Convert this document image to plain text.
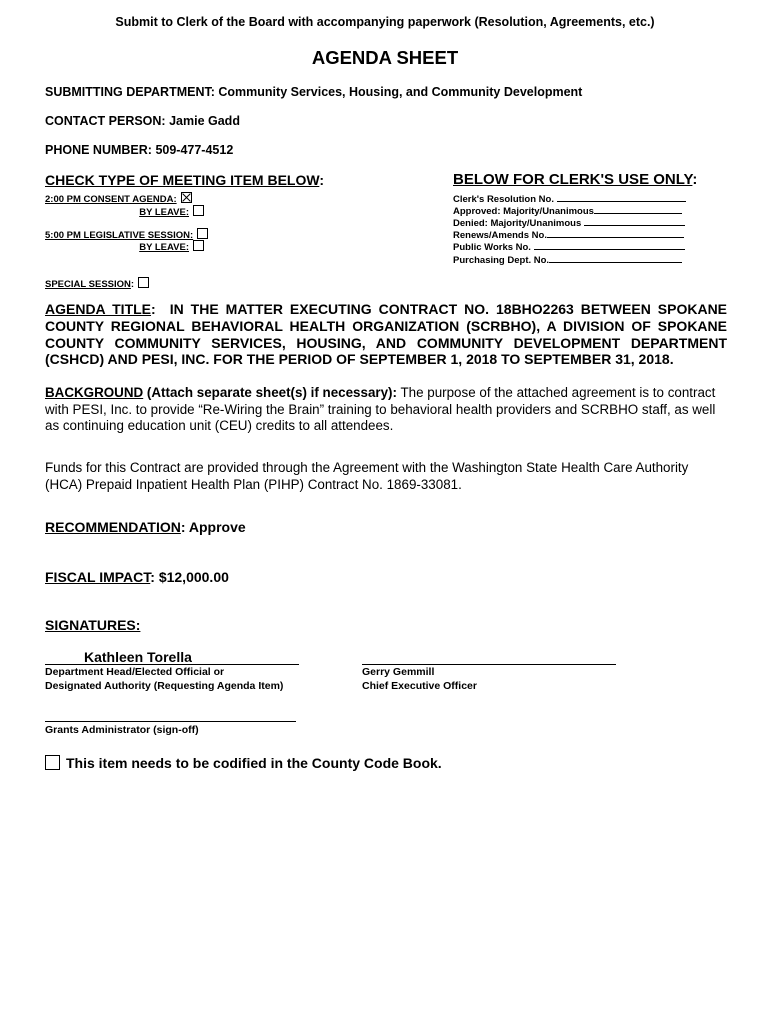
Submit to Clerk of the Board with accompanying paperwork (Resolution, Agreements, etc.)
AGENDA SHEET
SUBMITTING DEPARTMENT: Community Services, Housing, and Community Development
CONTACT PERSON: Jamie Gadd
PHONE NUMBER: 509-477-4512
CHECK TYPE OF MEETING ITEM BELOW:
2:00 PM CONSENT AGENDA:
BY LEAVE:
5:00 PM LEGISLATIVE SESSION:
BY LEAVE:
SPECIAL SESSION:
BELOW FOR CLERK'S USE ONLY:
Clerk's Resolution No.
Approved: Majority/Unanimous
Denied: Majority/Unanimous
Renews/Amends No.
Public Works No.
Purchasing Dept. No.
AGENDA TITLE: IN THE MATTER EXECUTING CONTRACT NO. 18BHO2263 BETWEEN SPOKANE COUNTY REGIONAL BEHAVIORAL HEALTH ORGANIZATION (SCRBHO), A DIVISION OF SPOKANE COUNTY COMMUNITY SERVICES, HOUSING, AND COMMUNITY DEVELOPMENT DEPARTMENT (CSHCD) AND PESI, INC. FOR THE PERIOD OF SEPTEMBER 1, 2018 TO SEPTEMBER 31, 2018.
BACKGROUND (Attach separate sheet(s) if necessary): The purpose of the attached agreement is to contract with PESI, Inc. to provide “Re-Wiring the Brain” training to behavioral health providers and SCRBHO staff, as well as continuing education unit (CEU) credits to all attendees.
Funds for this Contract are provided through the Agreement with the Washington State Health Care Authority (HCA) Prepaid Inpatient Health Plan (PIHP) Contract No. 1869-33081.
RECOMMENDATION: Approve
FISCAL IMPACT: $12,000.00
SIGNATURES:
Kathleen Torella
Department Head/Elected Official or
Designated Authority (Requesting Agenda Item)
Gerry Gemmill
Chief Executive Officer
Grants Administrator (sign-off)
This item needs to be codified in the County Code Book.
